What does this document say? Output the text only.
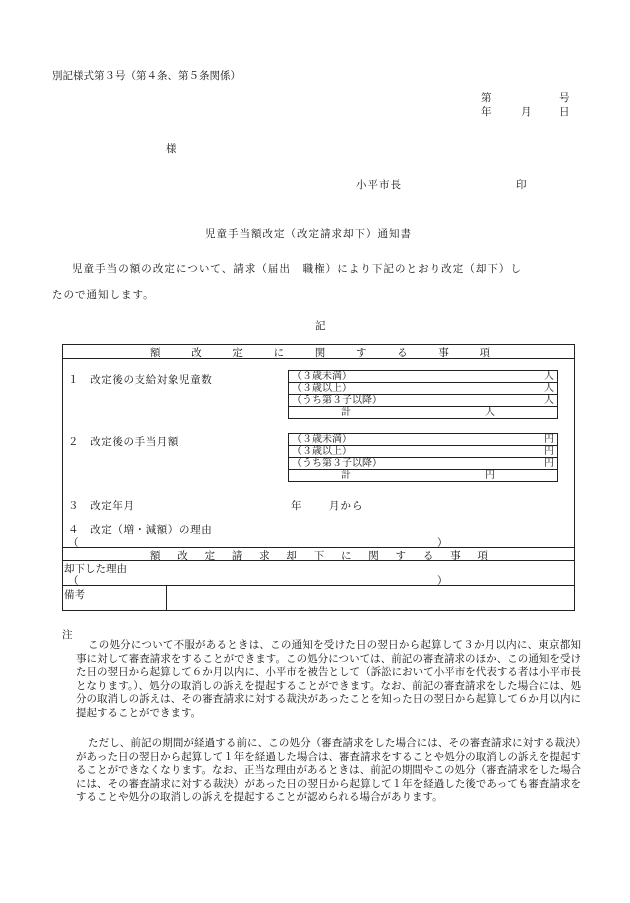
別記様式第３号（第４条、第５条関係）
第	号
年	月	日
様
小平市長	印
児童手当額改定（改定請求却下）通知書
児童手当の額の改定について、請求（届出　職権）により下記のとおり改定（却下）し
たので通知します。
記
額	改	定	に	関	す	る	事	項
１　改定後の支給対象児童数	（３歳未満）	人
（３歳以上）	人
（うち第３子以降）	人
計	人
２　改定後の手当月額	（３歳未満）	円
（３歳以上）	円
（うち第３子以降）	円
計	円
３　改定年月	年	月から
４　改定（増・減額）の理由
（	）
額 改 定 請 求 却 下 に 関 す る 事 項
却下した理由
（	）
備考
注
この処分について不服があるときは、この通知を受けた日の翌日から起算して３か月以内に、東京都知事に対して審査請求をすることができます。この処分については、前記の審査請求のほか、この通知を受けた日の翌日から起算して６か月以内に、小平市を被告として（訴訟において小平市を代表する者は小平市長となります。）、処分の取消しの訴えを提起することができます。なお、前記の審査請求をした場合には、処分の取消しの訴えは、その審査請求に対する裁決があったことを知った日の翌日から起算して６か月以内に提起することができます。
ただし、前記の期間が経過する前に、この処分（審査請求をした場合には、その審査請求に対する裁決）があった日の翌日から起算して１年を経過した場合は、審査請求をすることや処分の取消しの訴えを提起することができなくなります。なお、正当な理由があるときは、前記の期間やこの処分（審査請求をした場合には、その審査請求に対する裁決）があった日の翌日から起算して１年を経過した後であっても審査請求をすることや処分の取消しの訴えを提起することが認められる場合があります。
